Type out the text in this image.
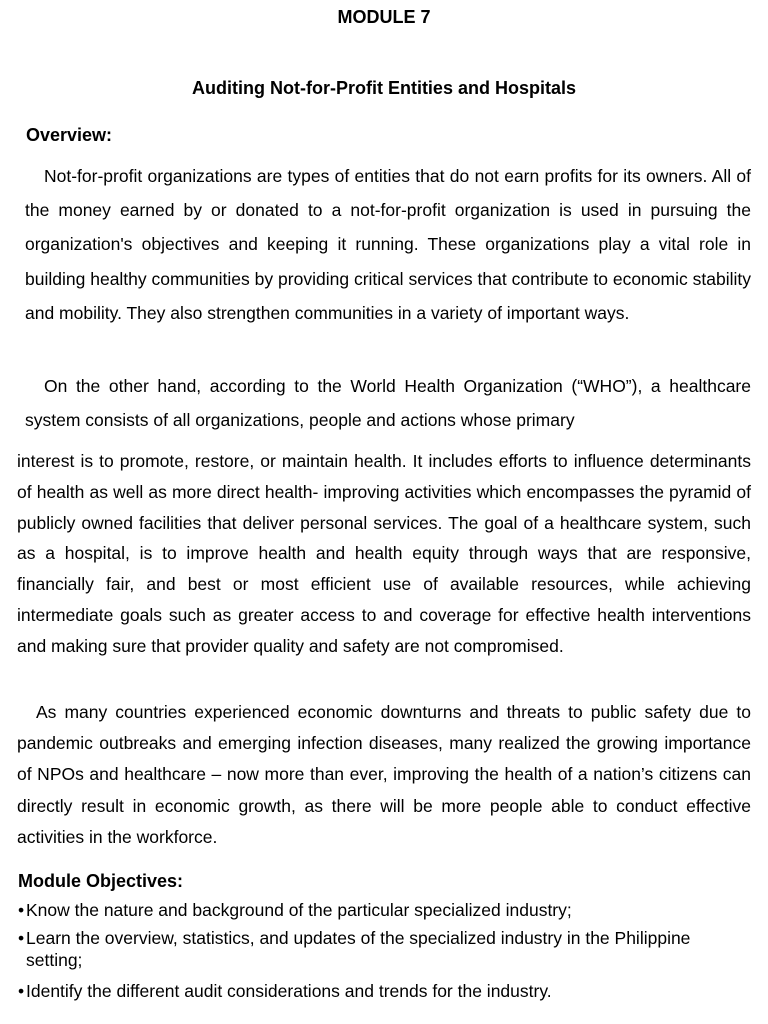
MODULE 7
Auditing Not-for-Profit Entities and Hospitals
Overview:

Not-for-profit organizations are types of entities that do not earn profits for its owners. All of the money earned by or donated to a not-for-profit organization is used in pursuing the organization's objectives and keeping it running. These organizations play a vital role in building healthy communities by providing critical services that contribute to economic stability and mobility. They also strengthen communities in a variety of important ways.

On the other hand, according to the World Health Organization (“WHO”), a healthcare system consists of all organizations, people and actions whose primary

interest is to promote, restore, or maintain health. It includes efforts to influence determinants of health as well as more direct health- improving activities which encompasses the pyramid of publicly owned facilities that deliver personal services. The goal of a healthcare system, such as a hospital, is to improve health and health equity through ways that are responsive, financially fair, and best or most efficient use of available resources, while achieving intermediate goals such as greater access to and coverage for effective health interventions and making sure that provider quality and safety are not compromised.

As many countries experienced economic downturns and threats to public safety due to pandemic outbreaks and emerging infection diseases, many realized the growing importance of NPOs and healthcare – now more than ever, improving the health of a nation’s citizens can directly result in economic growth, as there will be more people able to conduct effective activities in the workforce.

Module Objectives:
• Know the nature and background of the particular specialized industry;
• Learn the overview, statistics, and updates of the specialized industry in the Philippine setting;
• Identify the different audit considerations and trends for the industry.
